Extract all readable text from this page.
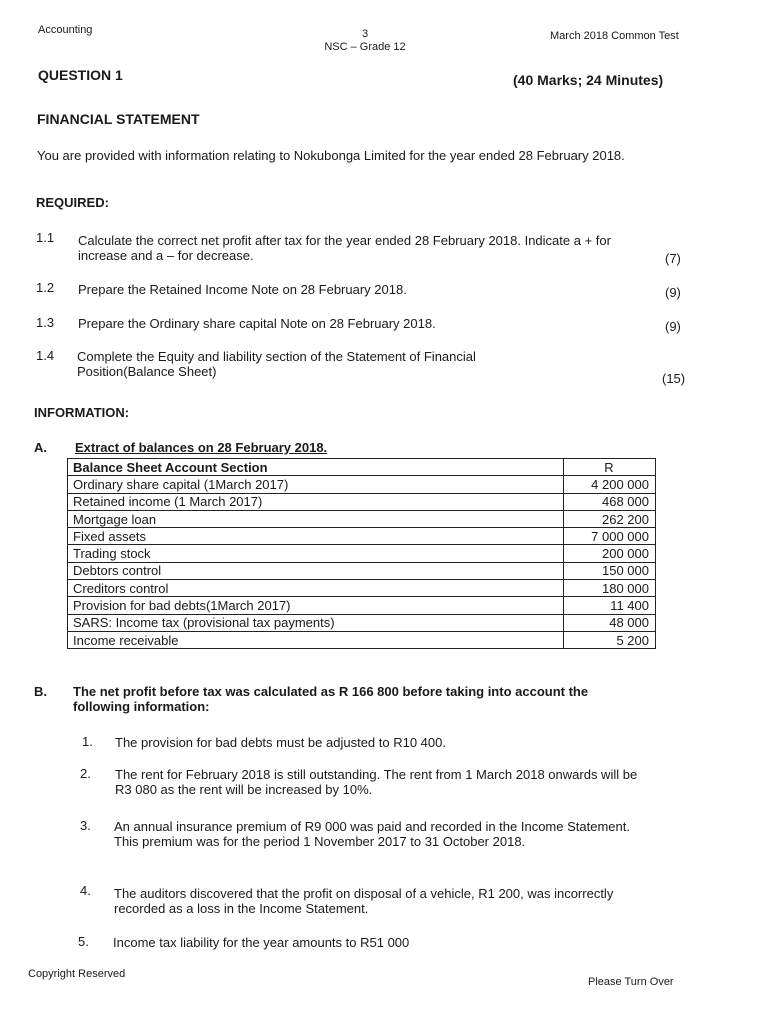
Accounting	3
NSC – Grade 12
March 2018 Common Test
QUESTION 1	(40 Marks; 24 Minutes)
FINANCIAL STATEMENT
You are provided with information relating to Nokubonga Limited for the year ended 28 February 2018.
REQUIRED:
1.1 Calculate the correct net profit after tax for the year ended 28 February 2018. Indicate a + for increase and a – for decrease.	(7)
1.2 Prepare the Retained Income Note on 28 February 2018.	(9)
1.3 Prepare the Ordinary share capital Note on 28 February 2018.	(9)
1.4 Complete the Equity and liability section of the Statement of Financial Position(Balance Sheet)	(15)
INFORMATION:
A. Extract of balances on 28 February 2018.
Balance Sheet Account Section	R
Ordinary share capital (1March 2017)	4 200 000
Retained income (1 March 2017)	468 000
Mortgage loan	262 200
Fixed assets	7 000 000
Trading stock	200 000
Debtors control	150 000
Creditors control	180 000
Provision for bad debts(1March 2017)	11 400
SARS: Income tax (provisional tax payments)	48 000
Income receivable	5 200
B. The net profit before tax was calculated as R 166 800 before taking into account the following information:
1. The provision for bad debts must be adjusted to R10 400.
2. The rent for February 2018 is still outstanding. The rent from 1 March 2018 onwards will be R3 080 as the rent will be increased by 10%.
3. An annual insurance premium of R9 000 was paid and recorded in the Income Statement. This premium was for the period 1 November 2017 to 31 October 2018.
4. The auditors discovered that the profit on disposal of a vehicle, R1 200, was incorrectly recorded as a loss in the Income Statement.
5. Income tax liability for the year amounts to R51 000
Copyright Reserved
Please Turn Over
